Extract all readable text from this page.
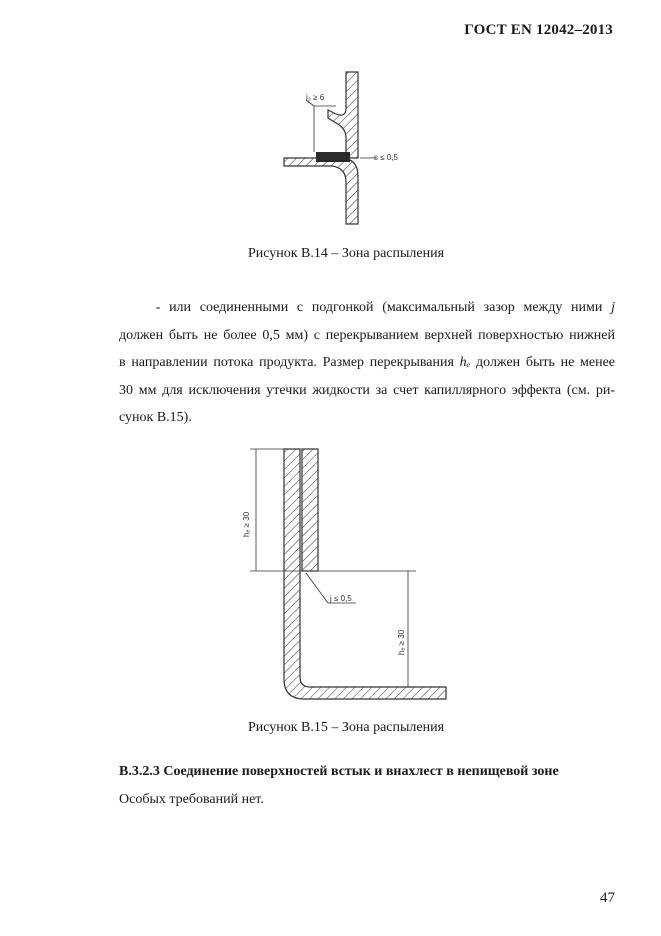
ГОСТ EN 12042–2013
i₂ ≥ 6
s ≤ 0,5
Рисунок В.14 – Зона распыления
   - или соединенными с подгонкой (максимальный зазор между ними j
должен быть не более 0,5 мм) с перекрыванием верхней поверхностью нижней
в направлении потока продукта. Размер перекрывания hₑ должен быть не менее
30 мм для исключения утечки жидкости за счет капиллярного эффекта (см. ри-
сунок В.15).
hₑ ≥ 30
j ≤ 0,5
hₑ ≥ 30
Рисунок В.15 – Зона распыления
В.3.2.3 Соединение поверхностей встык и внахлест в непищевой зоне
Особых требований нет.
47
